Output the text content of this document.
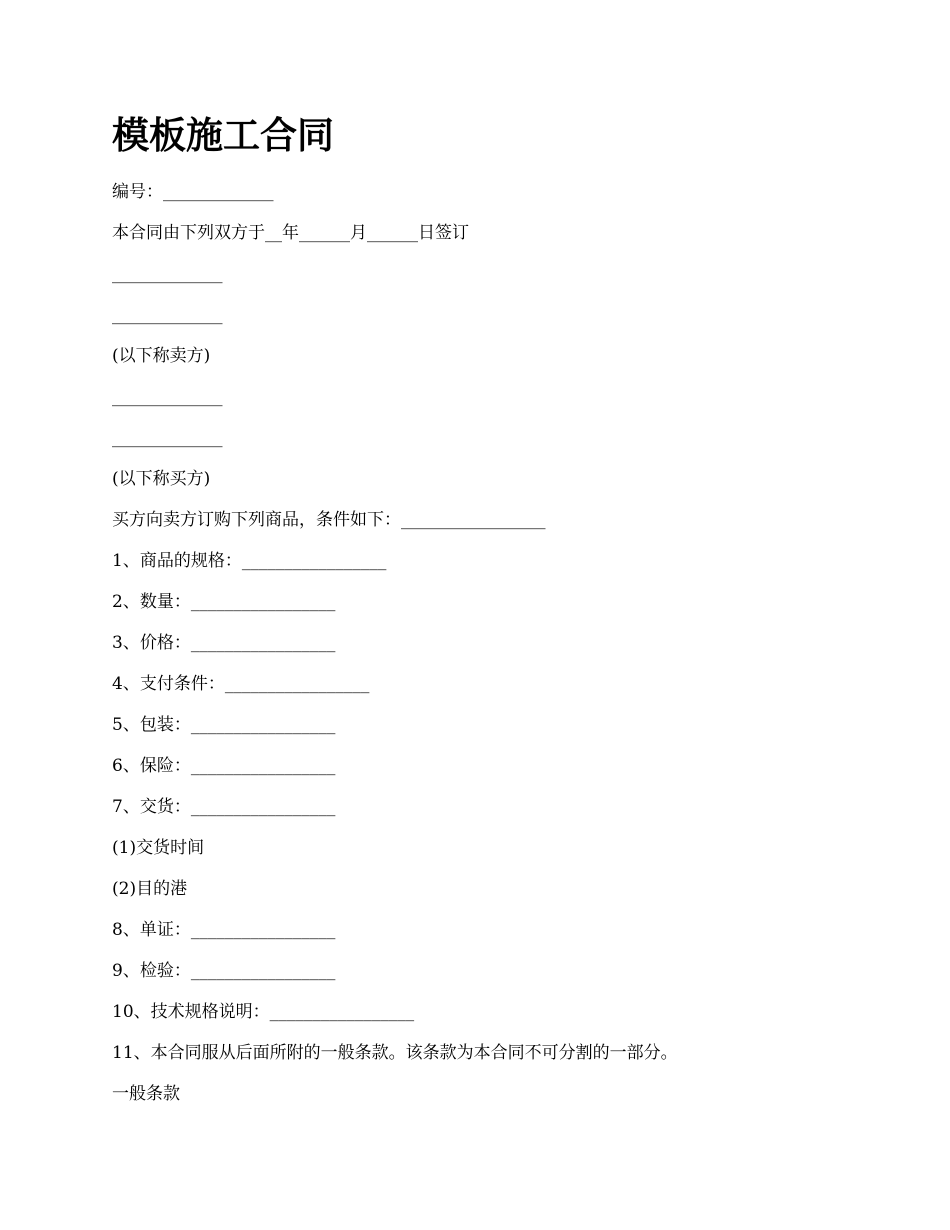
模板施工合同
编号：_____________
本合同由下列双方于__年______月______日签订
_____________
_____________
(以下称卖方)
_____________
_____________
(以下称买方)
买方向卖方订购下列商品，条件如下：_________________
1、商品的规格：_________________
2、数量：_________________
3、价格：_________________
4、支付条件：_________________
5、包装：_________________
6、保险：_________________
7、交货：_________________
(1)交货时间
(2)目的港
8、单证：_________________
9、检验：_________________
10、技术规格说明：_________________
11、本合同服从后面所附的一般条款。该条款为本合同不可分割的一部分。
一般条款
